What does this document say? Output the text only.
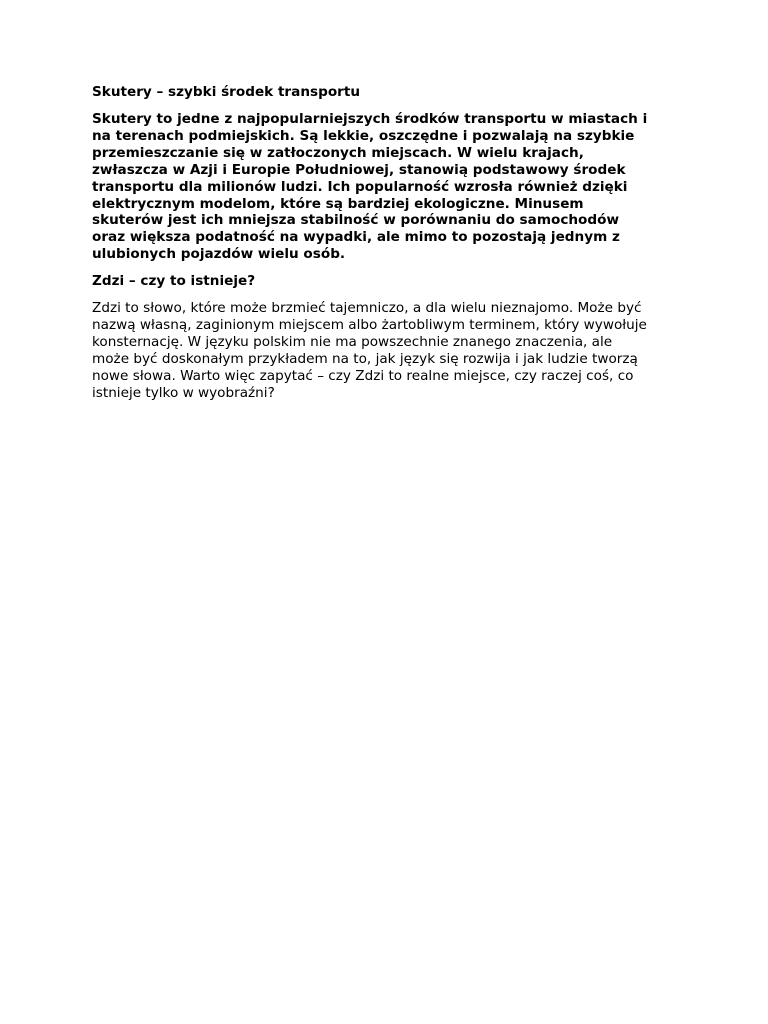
Skutery – szybki środek transportu
Skutery to jedne z najpopularniejszych środków transportu w miastach i
na terenach podmiejskich. Są lekkie, oszczędne i pozwalają na szybkie
przemieszczanie się w zatłoczonych miejscach. W wielu krajach,
zwłaszcza w Azji i Europie Południowej, stanowią podstawowy środek
transportu dla milionów ludzi. Ich popularność wzrosła również dzięki
elektrycznym modelom, które są bardziej ekologiczne. Minusem
skuterów jest ich mniejsza stabilność w porównaniu do samochodów
oraz większa podatność na wypadki, ale mimo to pozostają jednym z
ulubionych pojazdów wielu osób.
Zdzi – czy to istnieje?
Zdzi to słowo, które może brzmieć tajemniczo, a dla wielu nieznajomo. Może być
nazwą własną, zaginionym miejscem albo żartobliwym terminem, który wywołuje
konsternację. W języku polskim nie ma powszechnie znanego znaczenia, ale
może być doskonałym przykładem na to, jak język się rozwija i jak ludzie tworzą
nowe słowa. Warto więc zapytać – czy Zdzi to realne miejsce, czy raczej coś, co
istnieje tylko w wyobraźni?
